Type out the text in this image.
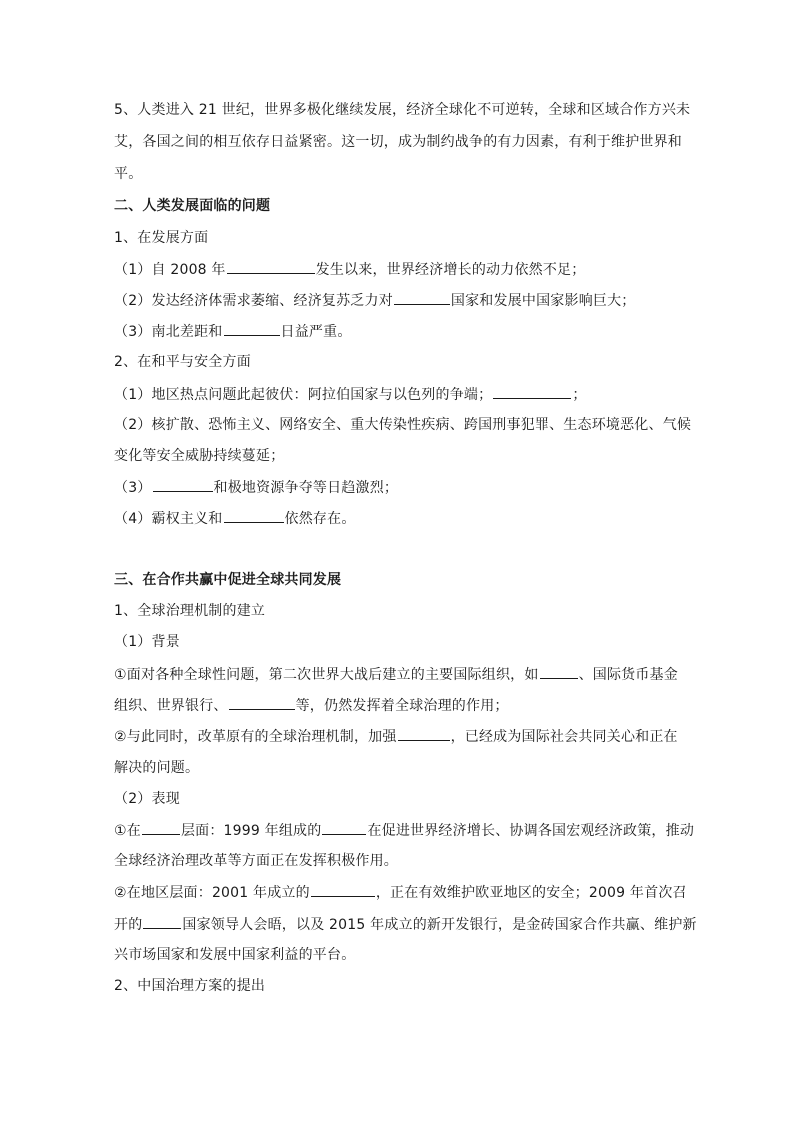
5、人类进入 21 世纪，世界多极化继续发展，经济全球化不可逆转，全球和区域合作方兴未
艾，各国之间的相互依存日益紧密。这一切，成为制约战争的有力因素，有利于维护世界和
平。
二、人类发展面临的问题
1、在发展方面
（1）自 2008 年	发生以来，世界经济增长的动力依然不足；
（2）发达经济体需求萎缩、经济复苏乏力对	国家和发展中国家影响巨大；
（3）南北差距和	日益严重。
2、在和平与安全方面
（1）地区热点问题此起彼伏：阿拉伯国家与以色列的争端；	；
（2）核扩散、恐怖主义、网络安全、重大传染性疾病、跨国刑事犯罪、生态环境恶化、气候
变化等安全威胁持续蔓延；
（3）	和极地资源争夺等日趋激烈；
（4）霸权主义和	依然存在。
三、在合作共赢中促进全球共同发展
1、全球治理机制的建立
（1）背景
①面对各种全球性问题，第二次世界大战后建立的主要国际组织，如	、国际货币基金
组织、世界银行、	等，仍然发挥着全球治理的作用；
②与此同时，改革原有的全球治理机制，加强	，已经成为国际社会共同关心和正在
解决的问题。
（2）表现
①在	层面：1999 年组成的	在促进世界经济增长、协调各国宏观经济政策，推动
全球经济治理改革等方面正在发挥积极作用。
②在地区层面：2001 年成立的	，正在有效维护欧亚地区的安全；2009 年首次召
开的	国家领导人会晤，以及 2015 年成立的新开发银行，是金砖国家合作共赢、维护新
兴市场国家和发展中国家利益的平台。
2、中国治理方案的提出
